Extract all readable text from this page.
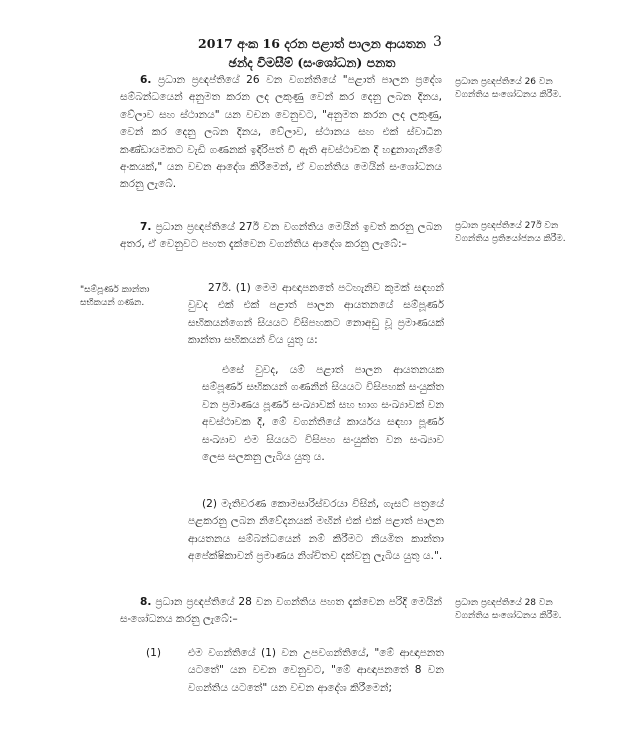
2017 අංක 16 දරන පළාත් පාලන ආයතන
ඡන්ද විමසීම් (සංශෝධන) පනත
3

6. ප්‍රධාන ප්‍රඥප්තියේ 26 වන වගන්තියේ "පළාත් පාලන ප්‍රදේශ සම්බන්ධයෙන් අනුමත කරන ලද ලකුණු වෙන් කර දෙනු ලබන දිනය, වේලාව සහ ස්ථානය" යන වචන වෙනුවට, "අනුමත කරන ලද ලකුණු, වෙන් කර දෙනු ලබන දිනය, වේලාව, ස්ථානය සහ එක් ස්වාධීන කණ්ඩායමකට වැඩි ගණනක් ඉදිරිපත් වී ඇති අවස්ථාවක දී හඳුනාගැනීමේ අංකයක්," යන වචන ආදේශ කිරීමෙන්, ඒ වගන්තිය මෙයින් සංශෝධනය කරනු ලැබේ.

ප්‍රධාන ප්‍රඥප්තියේ 26 වන වගන්තිය සංශෝධනය කිරීම.

7. ප්‍රධාන ප්‍රඥප්තියේ 27ඊ වන වගන්තිය මෙයින් ඉවත් කරනු ලබන අතර, ඒ වෙනුවට පහත දැක්වෙන වගන්තිය ආදේශ කරනු ලැබේ:–

ප්‍රධාන ප්‍රඥප්තියේ 27ඊ වන වගන්තිය ප්‍රතියෝජනය කිරීම.
"සම්පූර්ණ කාන්තා සභිකයන් ගණන.
27ඊ. (1) මෙම ආඥාපනතේ පටහැනිව කුමක් සඳහන් වුවද එක් එක් පළාත් පාලන ආයතනයේ සම්පූර්ණ සභිකයන්ගෙන් සියයට විසිපහකට නොඅඩු වූ ප්‍රමාණයක් කාන්තා සභිකයන් විය යුතු ය:
එසේ වුවද, යම් පළාත් පාලන ආයතනයක සම්පූර්ණ සභිකයන් ගණනින් සියයට විසිපහක් සංයුක්ත වන ප්‍රමාණය පූර්ණ සංඛ්‍යාවක් සහ භාග සංඛ්‍යාවක් වන අවස්ථාවක දී, මේ වගන්තියේ කාර්යය සඳහා පූර්ණ සංඛ්‍යාව එම සියයට විසිපහ සංයුක්ත වන සංඛ්‍යාව ලෙස සලකනු ලැබිය යුතු ය.
(2) මැතිවරණ කොමසාරිස්වරයා විසින්, ගැසට් පත්‍රයේ පළකරනු ලබන නිවේදනයක් මඟින් එක් එක් පළාත් පාලන ආයතනය සම්බන්ධයෙන් නම් කිරීමට නියමිත කාන්තා අපේක්ෂිකාවන් ප්‍රමාණය නිශ්චිතව දක්වනු ලැබිය යුතු ය.".

8. ප්‍රධාන ප්‍රඥප්තියේ 28 වන වගන්තිය පහත දැක්වෙන පරිදි මෙයින් සංශෝධනය කරනු ලැබේ:–

ප්‍රධාන ප්‍රඥප්තියේ 28 වන වගන්තිය සංශෝධනය කිරීම.
(1)	එම වගන්තියේ (1) වන උපවගන්තියේ, "මේ ආඥාපනත යටතේ" යන වචන වෙනුවට, "මේ ආඥාපනතේ 8 වන වගන්තිය යටතේ" යන වචන ආදේශ කිරීමෙන්;
